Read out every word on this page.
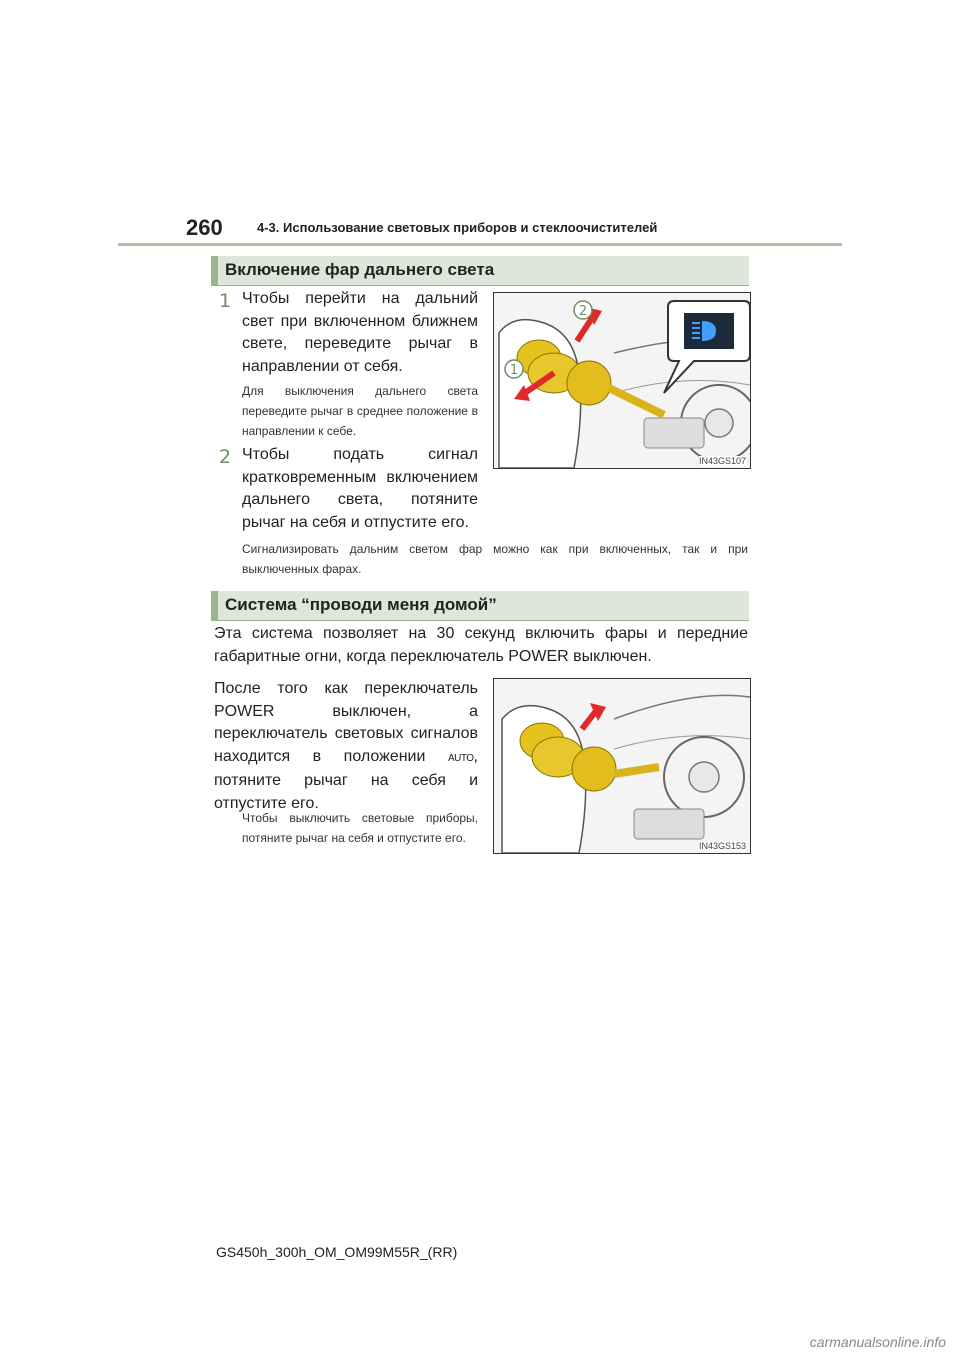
260	4-3. Использование световых приборов и стеклоочистителей
Включение фар дальнего света
1 Чтобы перейти на дальний свет при включенном ближнем свете, переведите рычаг в направлении от себя.
Для выключения дальнего света переведите рычаг в среднее положение в направлении к себе.
2 Чтобы подать сигнал кратковременным включением дальнего света, потяните рычаг на себя и отпустите его.
Сигнализировать дальним светом фар можно как при включенных, так и при выключенных фарах.
2
1
IN43GS107
Система “проводи меня домой”
Эта система позволяет на 30 секунд включить фары и передние габаритные огни, когда переключатель POWER выключен.
После того как переключатель POWER выключен, а переключатель световых сигналов находится в положении AUTO, потяните рычаг на себя и отпустите его.
Чтобы выключить световые приборы, потяните рычаг на себя и отпустите его.
IN43GS153
GS450h_300h_OM_OM99M55R_(RR)
carmanualsonline.info
